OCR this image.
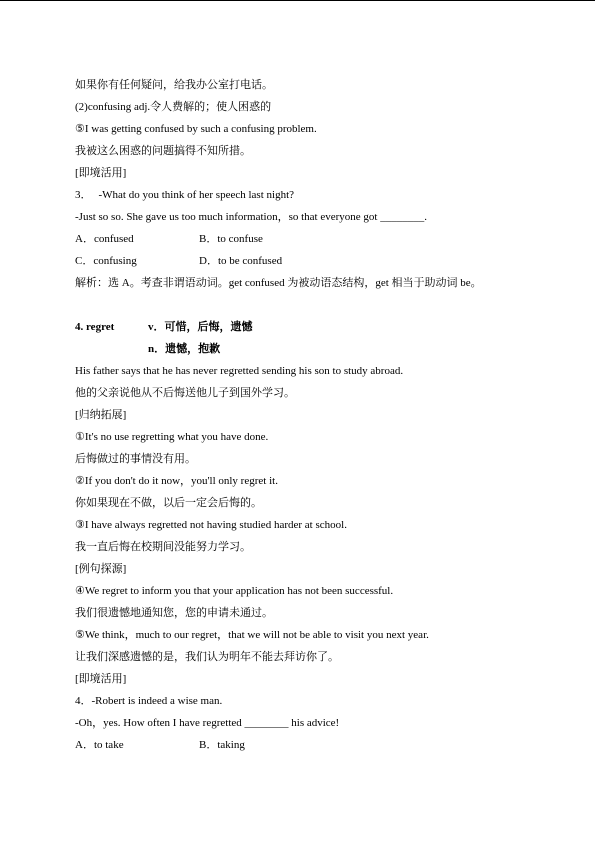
如果你有任何疑问，给我办公室打电话。
(2)confusing adj.令人费解的；使人困惑的
⑤I was getting confused by such a confusing problem.
我被这么困惑的问题搞得不知所措。
[即境活用]
3． -What do you think of her speech last night?
-Just so so. She gave us too much information，so that everyone got ________.
A．confused	B．to confuse
C．confusing	D．to be confused
解析：选 A。考查非谓语动词。get confused 为被动语态结构，get 相当于助动词 be。
4. regret	v．可惜，后悔，遗憾
n．遗憾，抱歉
His father says that he has never regretted sending his son to study abroad.
他的父亲说他从不后悔送他儿子到国外学习。
[归纳拓展]
①It's no use regretting what you have done.
后悔做过的事情没有用。
②If you don't do it now，you'll only regret it.
你如果现在不做，以后一定会后悔的。
③I have always regretted not having studied harder at school.
我一直后悔在校期间没能努力学习。
[例句探源]
④We regret to inform you that your application has not been successful.
我们很遗憾地通知您，您的申请未通过。
⑤We think，much to our regret，that we will not be able to visit you next year.
让我们深感遗憾的是，我们认为明年不能去拜访你了。
[即境活用]
4．-Robert is indeed a wise man.
-Oh，yes. How often I have regretted ________ his advice!
A．to take	B．taking
